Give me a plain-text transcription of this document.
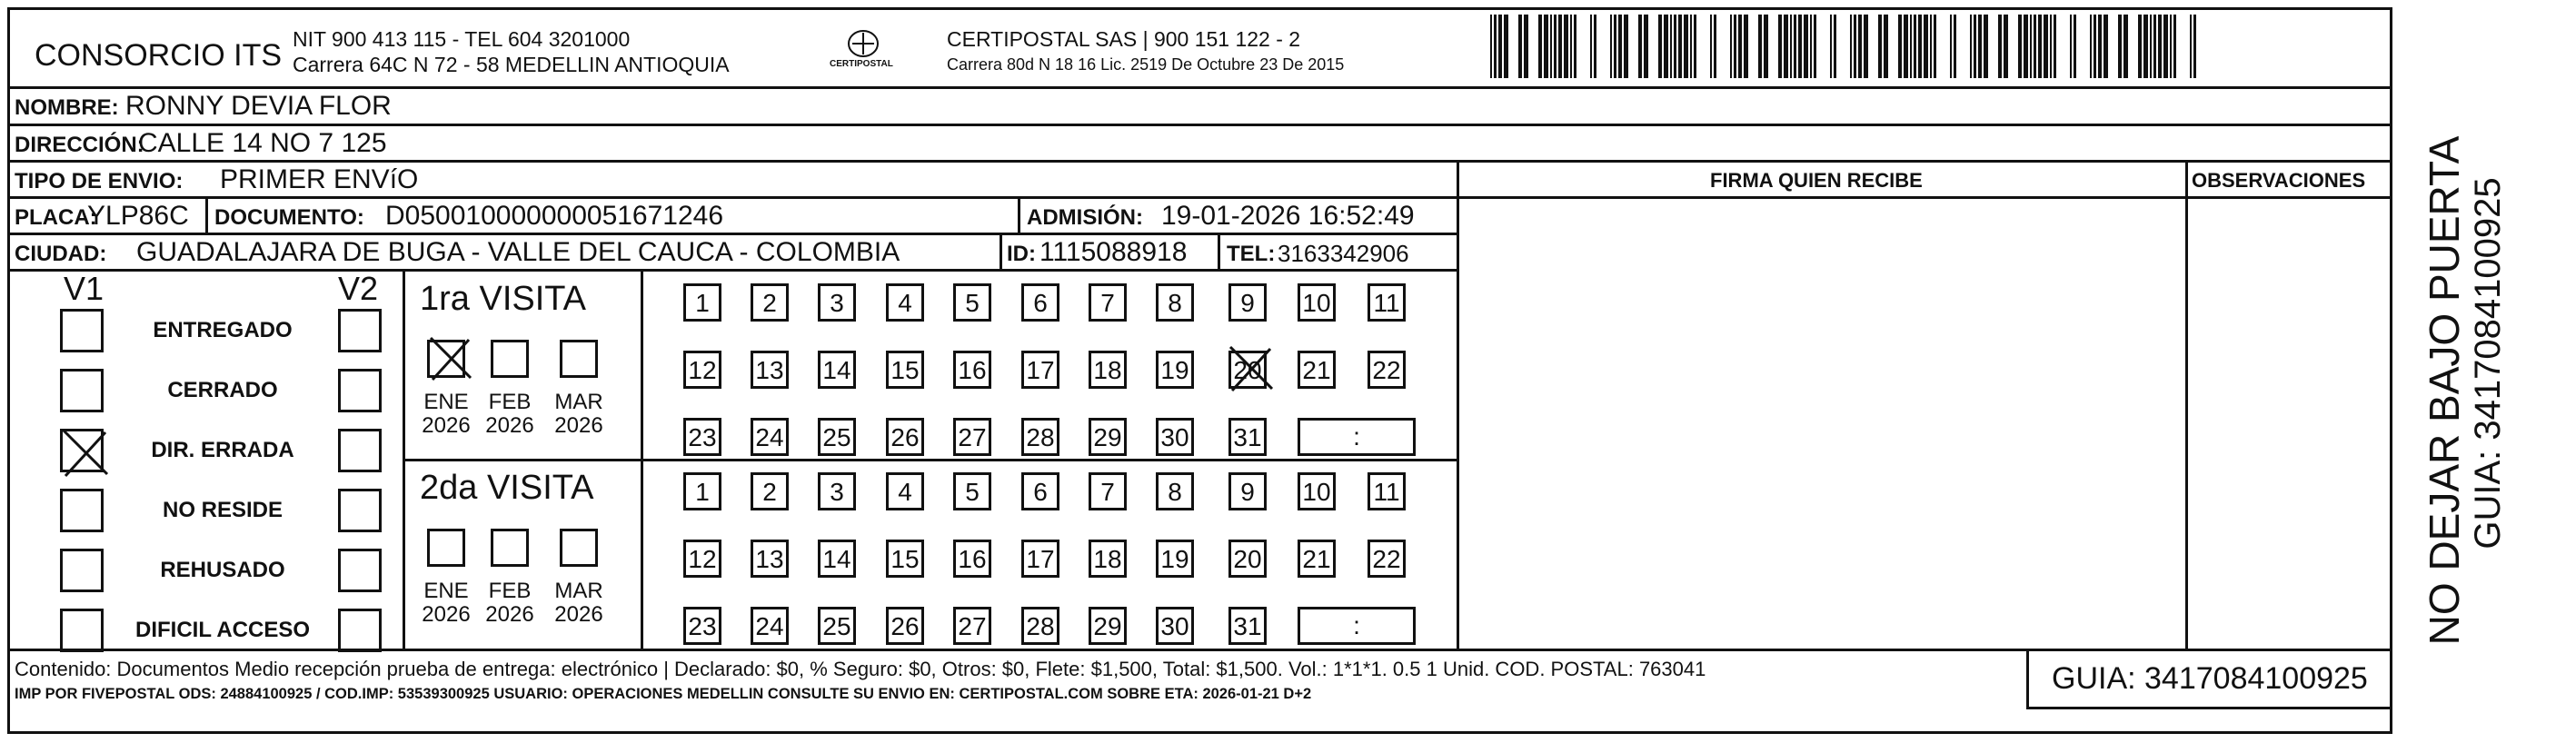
CONSORCIO ITS NIT 900 413 115 - TEL 604 3201000
Carrera 64C N 72 - 58 MEDELLIN ANTIOQUIA	CERTIPOSTAL
CERTIPOSTAL SAS | 900 151 122 - 2
Carrera 80d N 18 16 Lic. 2519 De Octubre 23 De 2015
NOMBRE: RONNY DEVIA FLOR
DIRECCIÓN:
CALLE 14 NO 7 125
TIPO DE ENVIO: PRIMER ENVíO	FIRMA QUIEN RECIBE	OBSERVACIONES
PLACA:
YLP86C DOCUMENTO: D050010000000051671246	ADMISIÓN: 19-01-2026 16:52:49
CIUDAD: GUADALAJARA DE BUGA - VALLE DEL CAUCA - COLOMBIA	ID: 1115088918 TEL: 3163342906
V1	V2 1ra VISITA
2da VISITA
Contenido: Documentos Medio recepción prueba de entrega: electrónico | Declarado: $0, % Seguro: $0, Otros: $0, Flete: $1,500, Total: $1,500. Vol.: 1*1*1. 0.5 1 Unid. COD. POSTAL: 763041
IMP POR FIVEPOSTAL ODS: 24884100925 / COD.IMP: 53539300925 USUARIO: OPERACIONES MEDELLIN CONSULTE SU ENVIO EN: CERTIPOSTAL.COM SOBRE ETA: 2026-01-21 D+2	GUIA: 3417084100925
NO DEJAR BAJO PUERTA GUIA: 3417084100925
ENTREGADO
CERRADO
DIR. ERRADA
NO RESIDE
REHUSADO
DIFICIL ACCESO
ENE
2026
FEB
2026
MAR
2026
1	2	3	4	5	6	7	8	9	10 11
12 13 14 15 16 17 18 19 20 21 22
23 24 25 26 27 28 29 30 31	:
ENE
2026
FEB
2026
MAR
2026
1	2	3	4	5	6	7	8	9	10 11
12 13 14 15 16 17 18 19 20 21 22
23 24 25 26 27 28 29 30 31	:
